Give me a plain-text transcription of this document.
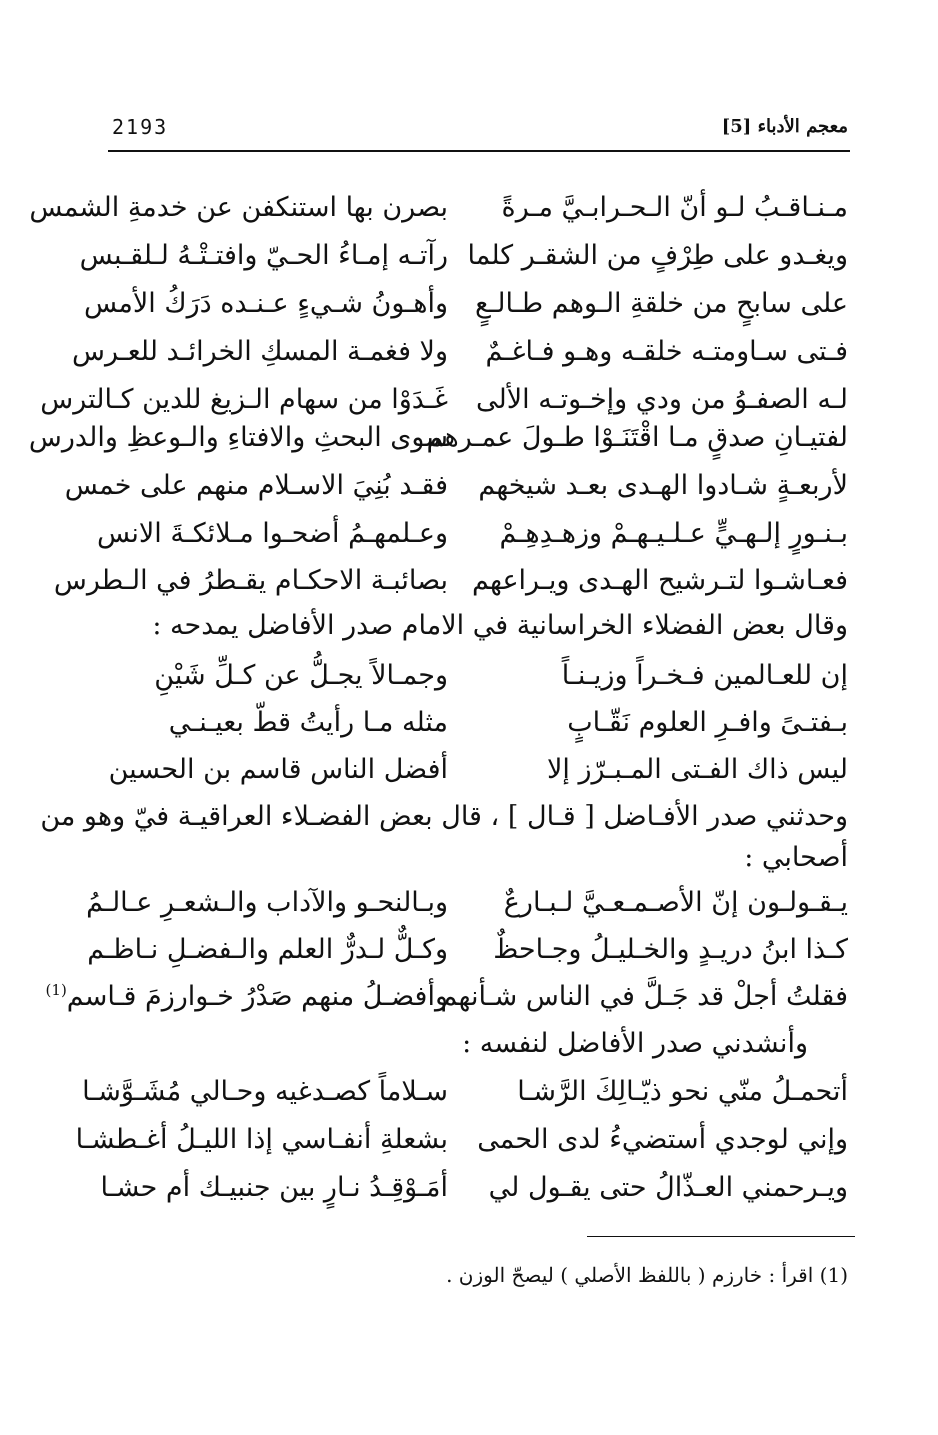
معجم الأدباء [5]
2193
مـنـاقـبُ لـو أنّ الـحـرابـيَّ مـرةً
بصرن بها استنكفن عن خدمةِ الشمس
ويغـدو على طِرْفٍ من الشقـر كلما
رآتـه إمـاءُ الحـيّ وافتـتْـهُ لـلقـبس
على سابحٍ من خلقةِ الـوهم طـالـعٍ
وأهـونُ شـيءٍ عـنـده دَرَكُ الأمس
فـتى سـاومتـه خلقـه وهـو فـاغـمٌ
ولا فغمـة المسكِ الخرائـد للعـرس
لـه الصفـوُ من ودي وإخـوتـه الألى
غَـدَوْا من سهام الـزيغ للدين كـالترس
لفتيـانِ صدقٍ مـا اقْتَنَـوْا طـولَ عمـرهم
سوى البحثِ والافتاءِ والـوعظِ والدرس
لأربعـةٍ شـادوا الهـدى بعـد شيخهم
فقـد بُنِيَ الاسـلام منهم على خمس
بـنـورٍ إلـهـيٍّ عـلـيـهـمْ وزهـدِهِـمْ
وعـلمهـمُ أضحـوا مـلائكـةَ الانس
فعـاشـوا لتـرشيح الهـدى ويـراعهم
بصائبـة الاحكـام يقـطرُ في الـطرس
وقال بعض الفضلاء الخراسانية في الامام صدر الأفاضل يمدحه :
إن للعـالمين فـخـراً وزيـنـاً
وجمـالاً يجـلُّ عن كـلِّ شَيْنِ
بـفتـىً وافـرِ العلوم نَقّـابٍ
مثله مـا رأيتُ قطّ بعيـنـي
ليس ذاك الفـتى المـبـرّز إلا
أفضل الناس قاسم بن الحسين
وحدثني صدر الأفـاضل [ قـال ] ، قال بعض الفضـلاء العراقيـة فيّ وهو من
أصحابي :
يـقـولـون إنّ الأصـمـعـيَّ لـبـارعٌ
وبـالنحـو والآداب والـشعـرِ عـالـمُ
كـذا ابنُ دريـدٍ والخـليـلُ وجـاحظٌ
وكـلٌّ لـدرٌّ العلم والـفضـلِ نـاظـم
فقلتُ أجلْ قد جَـلَّ في الناس شـأنهم
وأفضـلُ منهم صَدْرُ خـوارزمَ قـاسم$^{(1)}$
وأنشدني صدر الأفاضل لنفسه :
أتحمـلُ منّي نحو ذيّـالِكَ الرَّشـا
سـلاماً كصـدغيه وحـالي مُشَـوَّشـا
وإني لوجدي أستضيءُ لدى الحمى
بشعلةِ أنفـاسي إذا الليـلُ أغـطشـا
ويـرحمني العـذّالُ حتى يقـول لي
أمَـوْقِـدُ نـارٍ بين جنبيـك أم حشـا
(1) اقرأ : خارزم ( باللفظ الأصلي ) ليصحّ الوزن .
